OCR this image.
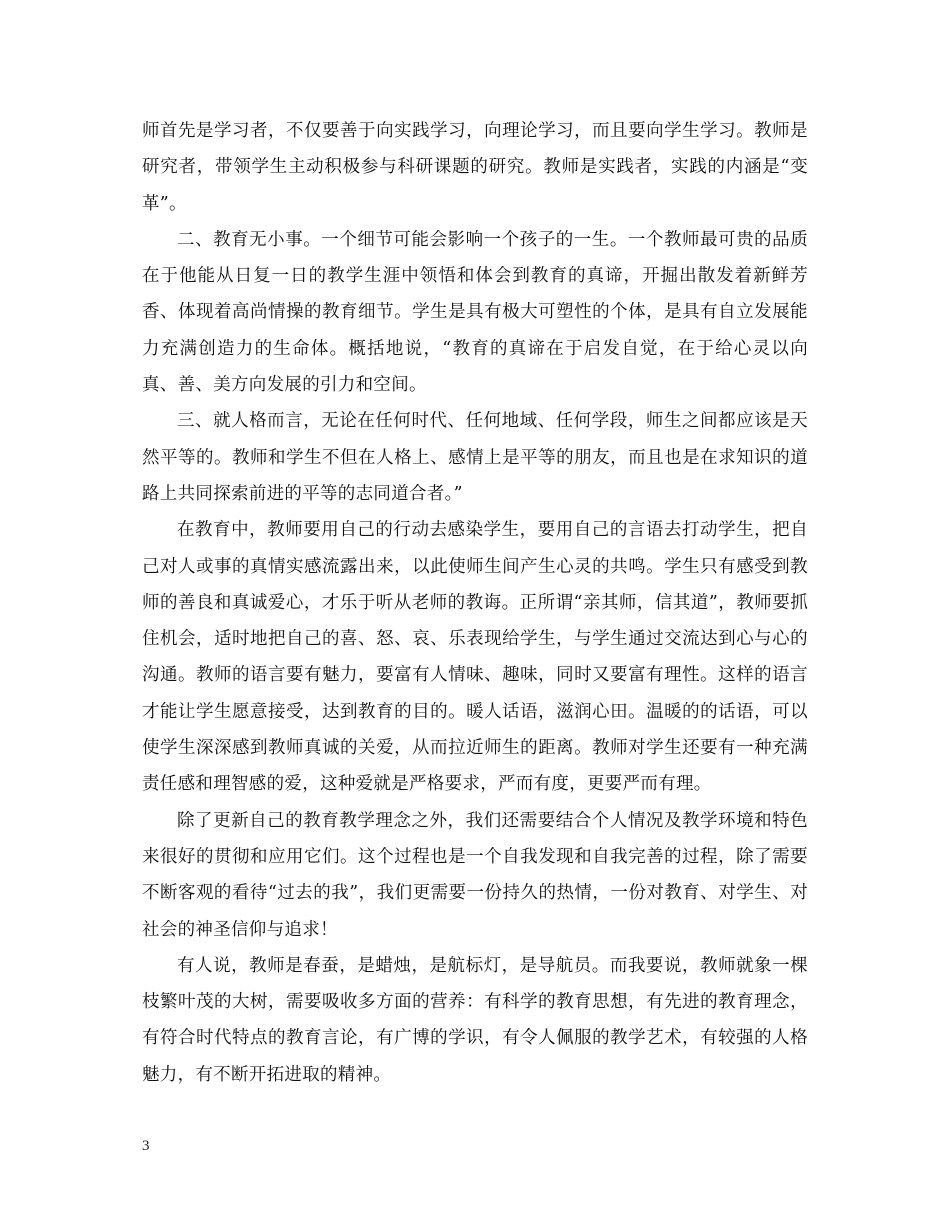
师首先是学习者，不仅要善于向实践学习，向理论学习，而且要向学生学习。教师是研究者，带领学生主动积极参与科研课题的研究。教师是实践者，实践的内涵是“变革”。

二、教育无小事。一个细节可能会影响一个孩子的一生。一个教师最可贵的品质在于他能从日复一日的教学生涯中领悟和体会到教育的真谛，开掘出散发着新鲜芳香、体现着高尚情操的教育细节。学生是具有极大可塑性的个体，是具有自立发展能力充满创造力的生命体。概括地说，“教育的真谛在于启发自觉，在于给心灵以向真、善、美方向发展的引力和空间。

三、就人格而言，无论在任何时代、任何地域、任何学段，师生之间都应该是天然平等的。教师和学生不但在人格上、感情上是平等的朋友，而且也是在求知识的道路上共同探索前进的平等的志同道合者。”

在教育中，教师要用自己的行动去感染学生，要用自己的言语去打动学生，把自己对人或事的真情实感流露出来，以此使师生间产生心灵的共鸣。学生只有感受到教师的善良和真诚爱心，才乐于听从老师的教诲。正所谓“亲其师，信其道”，教师要抓住机会，适时地把自己的喜、怒、哀、乐表现给学生，与学生通过交流达到心与心的沟通。教师的语言要有魅力，要富有人情味、趣味，同时又要富有理性。这样的语言才能让学生愿意接受，达到教育的目的。暖人话语，滋润心田。温暖的的话语，可以使学生深深感到教师真诚的关爱，从而拉近师生的距离。教师对学生还要有一种充满责任感和理智感的爱，这种爱就是严格要求，严而有度，更要严而有理。

除了更新自己的教育教学理念之外，我们还需要结合个人情况及教学环境和特色来很好的贯彻和应用它们。这个过程也是一个自我发现和自我完善的过程，除了需要不断客观的看待“过去的我”，我们更需要一份持久的热情，一份对教育、对学生、对社会的神圣信仰与追求！

有人说，教师是春蚕，是蜡烛，是航标灯，是导航员。而我要说，教师就象一棵枝繁叶茂的大树，需要吸收多方面的营养：有科学的教育思想，有先进的教育理念，有符合时代特点的教育言论，有广博的学识，有令人佩服的教学艺术，有较强的人格魅力，有不断开拓进取的精神。

3
